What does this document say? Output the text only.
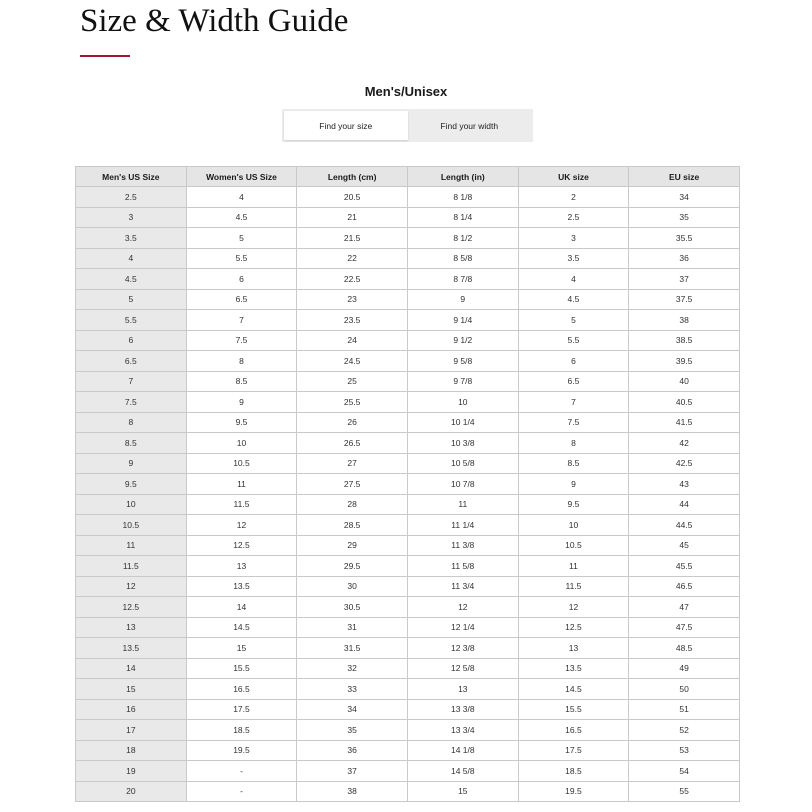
Size & Width Guide
Men's/Unisex
Find your size	Find your width
Men's US Size	Women's US Size	Length (cm)	Length (in)	UK size	EU size
2.5	4	20.5	8 1/8	2	34
3	4.5	21	8 1/4	2.5	35
3.5	5	21.5	8 1/2	3	35.5
4	5.5	22	8 5/8	3.5	36
4.5	6	22.5	8 7/8	4	37
5	6.5	23	9	4.5	37.5
5.5	7	23.5	9 1/4	5	38
6	7.5	24	9 1/2	5.5	38.5
6.5	8	24.5	9 5/8	6	39.5
7	8.5	25	9 7/8	6.5	40
7.5	9	25.5	10	7	40.5
8	9.5	26	10 1/4	7.5	41.5
8.5	10	26.5	10 3/8	8	42
9	10.5	27	10 5/8	8.5	42.5
9.5	11	27.5	10 7/8	9	43
10	11.5	28	11	9.5	44
10.5	12	28.5	11 1/4	10	44.5
11	12.5	29	11 3/8	10.5	45
11.5	13	29.5	11 5/8	11	45.5
12	13.5	30	11 3/4	11.5	46.5
12.5	14	30.5	12	12	47
13	14.5	31	12 1/4	12.5	47.5
13.5	15	31.5	12 3/8	13	48.5
14	15.5	32	12 5/8	13.5	49
15	16.5	33	13	14.5	50
16	17.5	34	13 3/8	15.5	51
17	18.5	35	13 3/4	16.5	52
18	19.5	36	14 1/8	17.5	53
19	-	37	14 5/8	18.5	54
20	-	38	15	19.5	55
